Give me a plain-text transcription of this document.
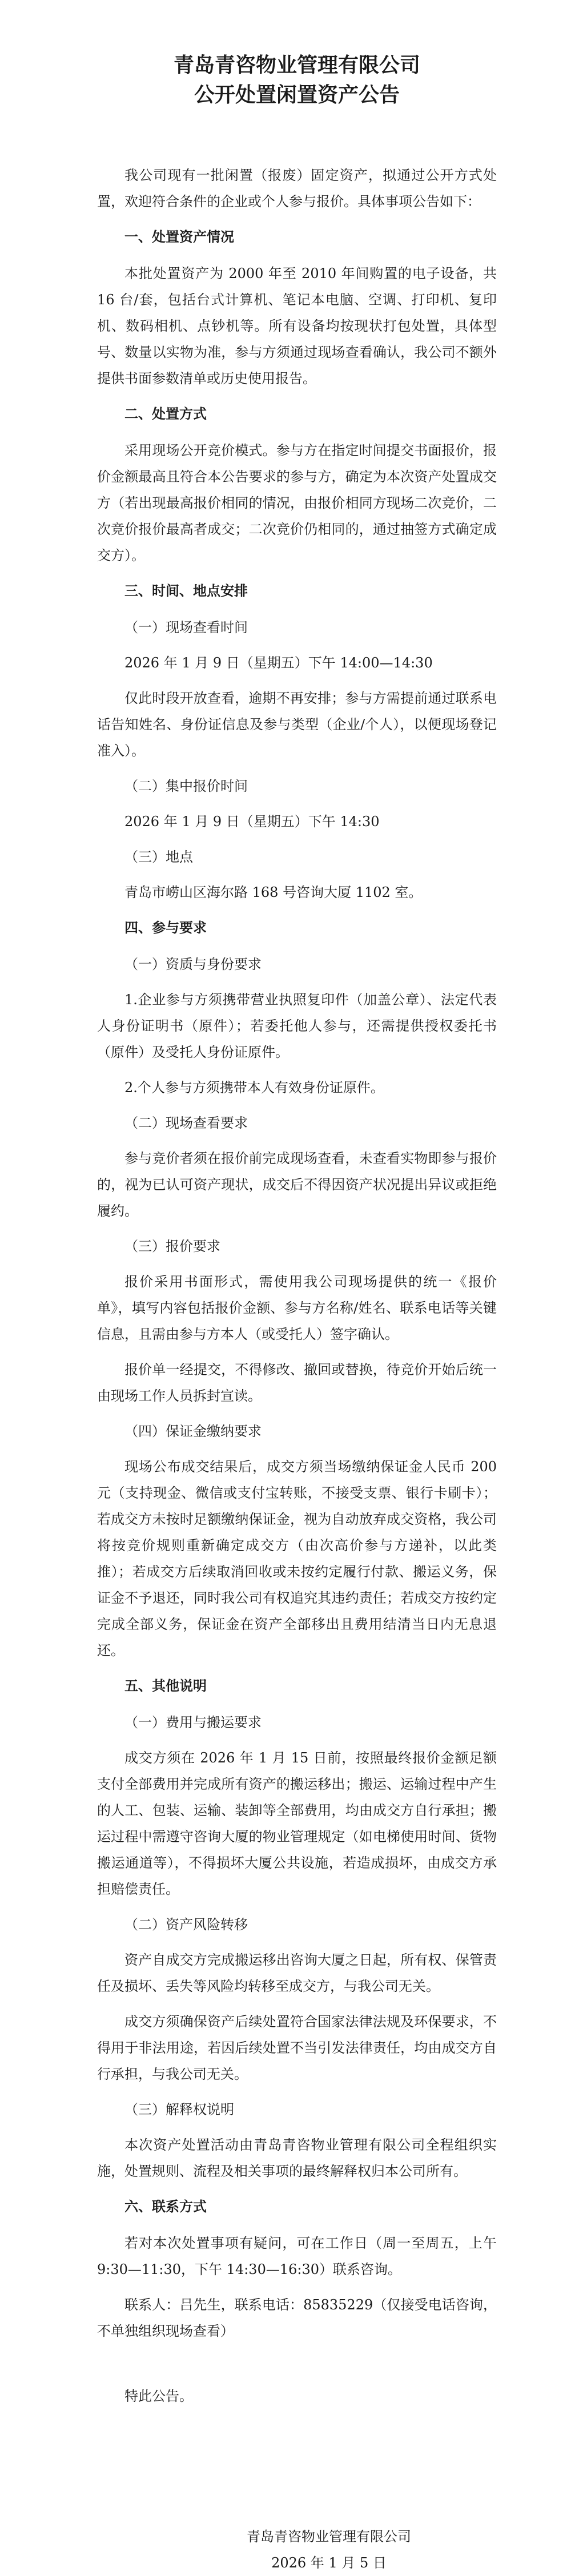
青岛青咨物业管理有限公司

公开处置闲置资产公告

我公司现有一批闲置（报废）固定资产，拟通过公开方式处置，欢迎符合条件的企业或个人参与报价。具体事项公告如下：

一、处置资产情况

本批处置资产为 2000 年至 2010 年间购置的电子设备，共 16 台/套，包括台式计算机、笔记本电脑、空调、打印机、复印机、数码相机、点钞机等。所有设备均按现状打包处置，具体型号、数量以实物为准，参与方须通过现场查看确认，我公司不额外提供书面参数清单或历史使用报告。

二、处置方式

采用现场公开竞价模式。参与方在指定时间提交书面报价，报价金额最高且符合本公告要求的参与方，确定为本次资产处置成交方（若出现最高报价相同的情况，由报价相同方现场二次竞价，二次竞价报价最高者成交；二次竞价仍相同的，通过抽签方式确定成交方）。

三、时间、地点安排

（一）现场查看时间

2026 年 1 月 9 日（星期五）下午 14:00—14:30

仅此时段开放查看，逾期不再安排；参与方需提前通过联系电话告知姓名、身份证信息及参与类型（企业/个人），以便现场登记准入）。

（二）集中报价时间

2026 年 1 月 9 日（星期五）下午 14:30

（三）地点

青岛市崂山区海尔路 168 号咨询大厦 1102 室。

四、参与要求

（一）资质与身份要求

1.企业参与方须携带营业执照复印件（加盖公章）、法定代表人身份证明书（原件）；若委托他人参与，还需提供授权委托书（原件）及受托人身份证原件。

2.个人参与方须携带本人有效身份证原件。

（二）现场查看要求

参与竞价者须在报价前完成现场查看，未查看实物即参与报价的，视为已认可资产现状，成交后不得因资产状况提出异议或拒绝履约。

（三）报价要求

报价采用书面形式，需使用我公司现场提供的统一《报价单》，填写内容包括报价金额、参与方名称/姓名、联系电话等关键信息，且需由参与方本人（或受托人）签字确认。

报价单一经提交，不得修改、撤回或替换，待竞价开始后统一由现场工作人员拆封宣读。

（四）保证金缴纳要求

现场公布成交结果后，成交方须当场缴纳保证金人民币 200 元（支持现金、微信或支付宝转账，不接受支票、银行卡刷卡）；若成交方未按时足额缴纳保证金，视为自动放弃成交资格，我公司将按竞价规则重新确定成交方（由次高价参与方递补，以此类推）；若成交方后续取消回收或未按约定履行付款、搬运义务，保证金不予退还，同时我公司有权追究其违约责任；若成交方按约定完成全部义务，保证金在资产全部移出且费用结清当日内无息退还。

五、其他说明

（一）费用与搬运要求

成交方须在 2026 年 1 月 15 日前，按照最终报价金额足额支付全部费用并完成所有资产的搬运移出；搬运、运输过程中产生的人工、包装、运输、装卸等全部费用，均由成交方自行承担；搬运过程中需遵守咨询大厦的物业管理规定（如电梯使用时间、货物搬运通道等），不得损坏大厦公共设施，若造成损坏，由成交方承担赔偿责任。

（二）资产风险转移

资产自成交方完成搬运移出咨询大厦之日起，所有权、保管责任及损坏、丢失等风险均转移至成交方，与我公司无关。

成交方须确保资产后续处置符合国家法律法规及环保要求，不得用于非法用途，若因后续处置不当引发法律责任，均由成交方自行承担，与我公司无关。

（三）解释权说明

本次资产处置活动由青岛青咨物业管理有限公司全程组织实施，处置规则、流程及相关事项的最终解释权归本公司所有。

六、联系方式

若对本次处置事项有疑问，可在工作日（周一至周五，上午 9:30—11:30，下午 14:30—16:30）联系咨询。

联系人：吕先生，联系电话：85835229（仅接受电话咨询，不单独组织现场查看）

特此公告。

青岛青咨物业管理有限公司
2026 年 1 月 5 日
